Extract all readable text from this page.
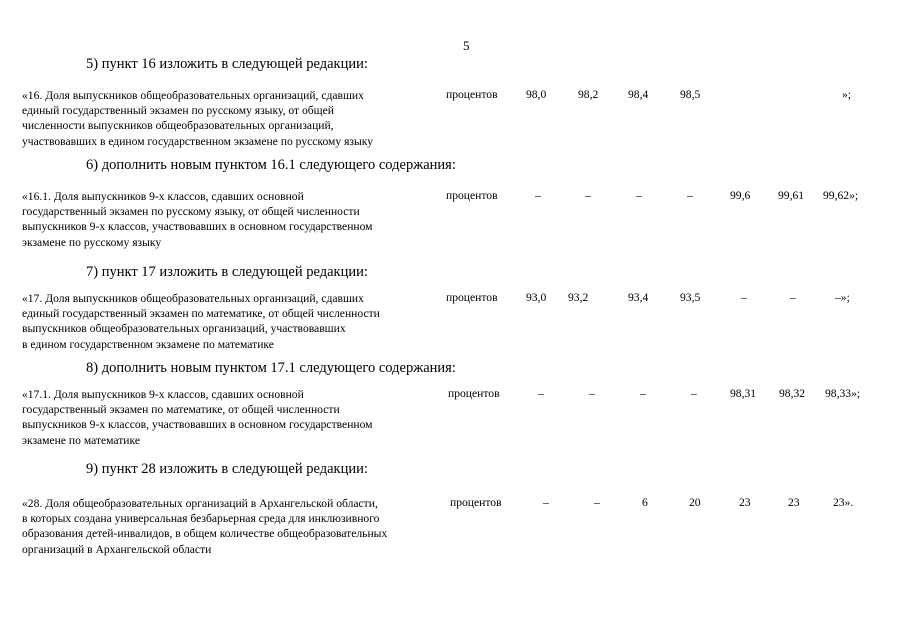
5
5) пункт 16 изложить в следующей редакции:
«16. Доля выпускников общеобразовательных организаций, сдавших
единый государственный экзамен по русскому языку, от общей
численности выпускников общеобразовательных организаций,
участвовавших в едином государственном экзамене по русскому языку
процентов 98,0	98,2	98,4	98,5	»;
6) дополнить новым пунктом 16.1 следующего содержания:
«16.1. Доля выпускников 9-х классов, сдавших основной
государственный экзамен по русскому языку, от общей численности
выпускников 9-х классов, участвовавших в основном государственном
экзамене по русскому языку
процентов	–	–	–	–	99,6 99,61 99,62»;
7) пункт 17 изложить в следующей редакции:
«17. Доля выпускников общеобразовательных организаций, сдавших
единый государственный экзамен по математике, от общей численности
выпускников общеобразовательных организаций, участвовавших
в едином государственном экзамене по математике
процентов 93,0 93,2	93,4	93,5	–	–	–»;
8) дополнить новым пунктом 17.1 следующего содержания:
«17.1. Доля выпускников 9-х классов, сдавших основной
государственный экзамен по математике, от общей численности
выпускников 9-х классов, участвовавших в основном государственном
экзамене по математике
процентов	–	–	–	–	98,31 98,32 98,33»;
9) пункт 28 изложить в следующей редакции:
«28. Доля общеобразовательных организаций в Архангельской области,
в которых создана универсальная безбарьерная среда для инклюзивного
образования детей-инвалидов, в общем количестве общеобразовательных
организаций в Архангельской области
процентов	–	–	6	20	23	23	23».
